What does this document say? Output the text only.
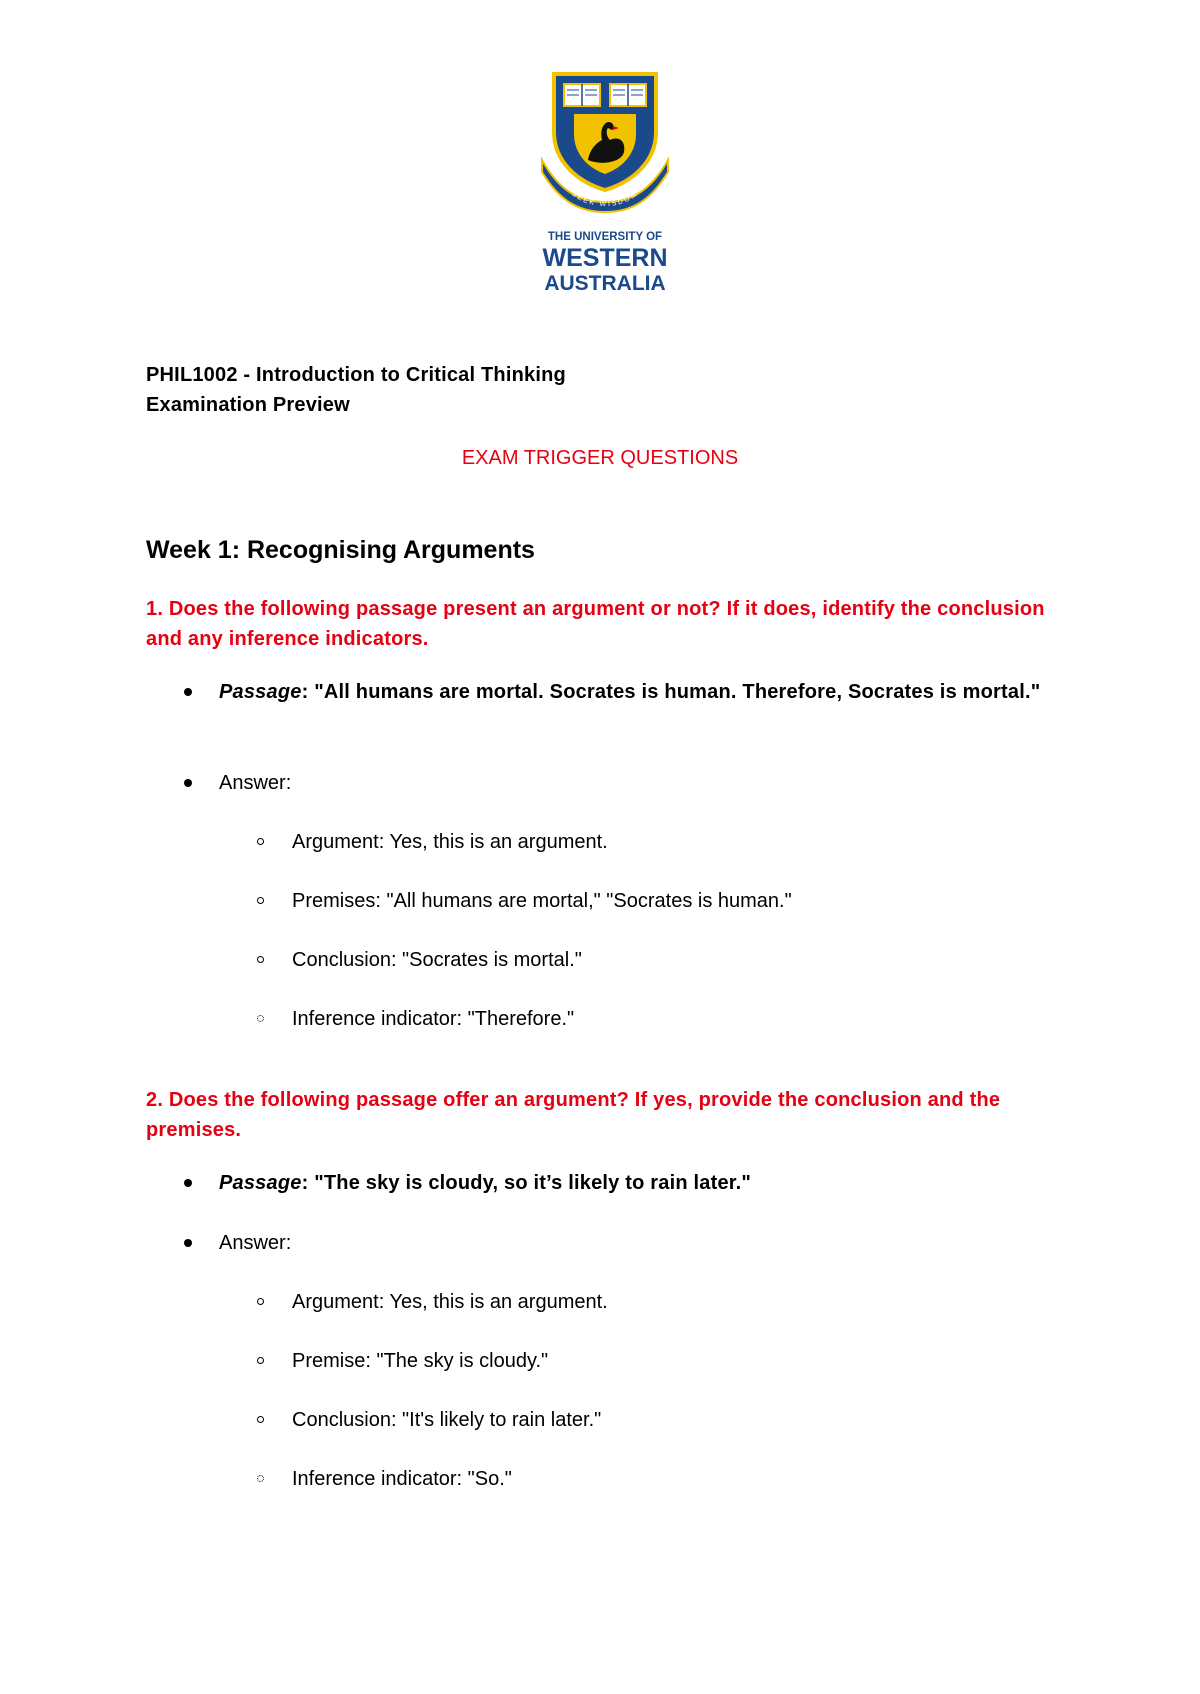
SEEK WISDOM
THE UNIVERSITY OF
WESTERN
AUSTRALIA
PHIL1002 - Introduction to Critical Thinking
Examination Preview
EXAM TRIGGER QUESTIONS
Week 1: Recognising Arguments
1. Does the following passage present an argument or not? If it does, identify the conclusion and any inference indicators.
Passage: "All humans are mortal. Socrates is human. Therefore, Socrates is mortal."
Answer:
Argument: Yes, this is an argument.
Premises: "All humans are mortal," "Socrates is human."
Conclusion: "Socrates is mortal."
Inference indicator: "Therefore."
2. Does the following passage offer an argument? If yes, provide the conclusion and the premises.
Passage: "The sky is cloudy, so it’s likely to rain later."
Answer:
Argument: Yes, this is an argument.
Premise: "The sky is cloudy."
Conclusion: "It's likely to rain later."
Inference indicator: "So."
